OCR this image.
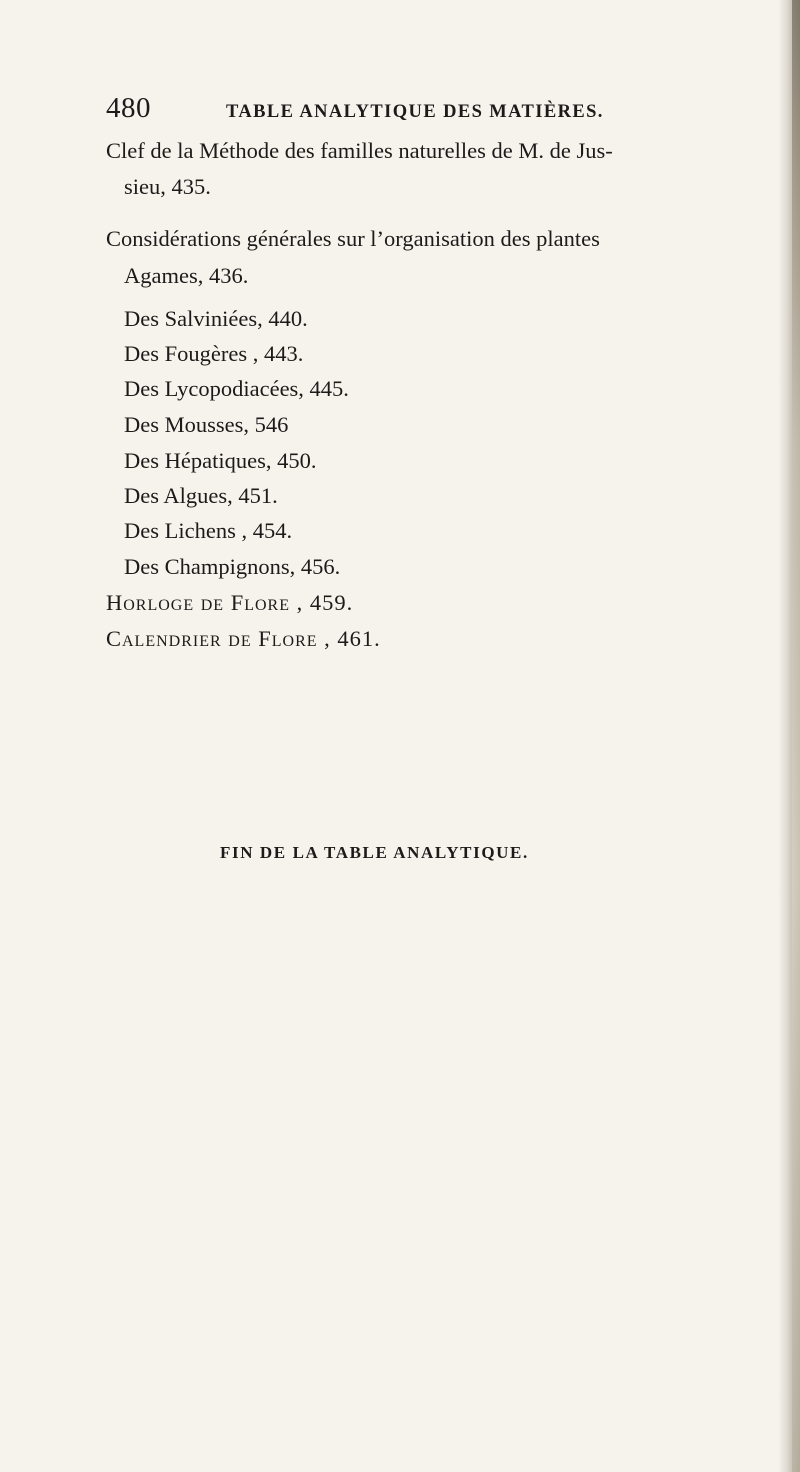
480	TABLE ANALYTIQUE DES MATIÈRES.
Clef de la Méthode des familles naturelles de M. de Jus-
sieu, 435.
Considérations générales sur l’organisation des plantes
Agames, 436.
Des Salviniées, 440.
Des Fougères , 443.
Des Lycopodiacées, 445.
Des Mousses, 546
Des Hépatiques, 450.
Des Algues, 451.
Des Lichens , 454.
Des Champignons, 456.
Horloge de Flore , 459.
Calendrier de Flore , 461.
FIN DE LA TABLE ANALYTIQUE.
